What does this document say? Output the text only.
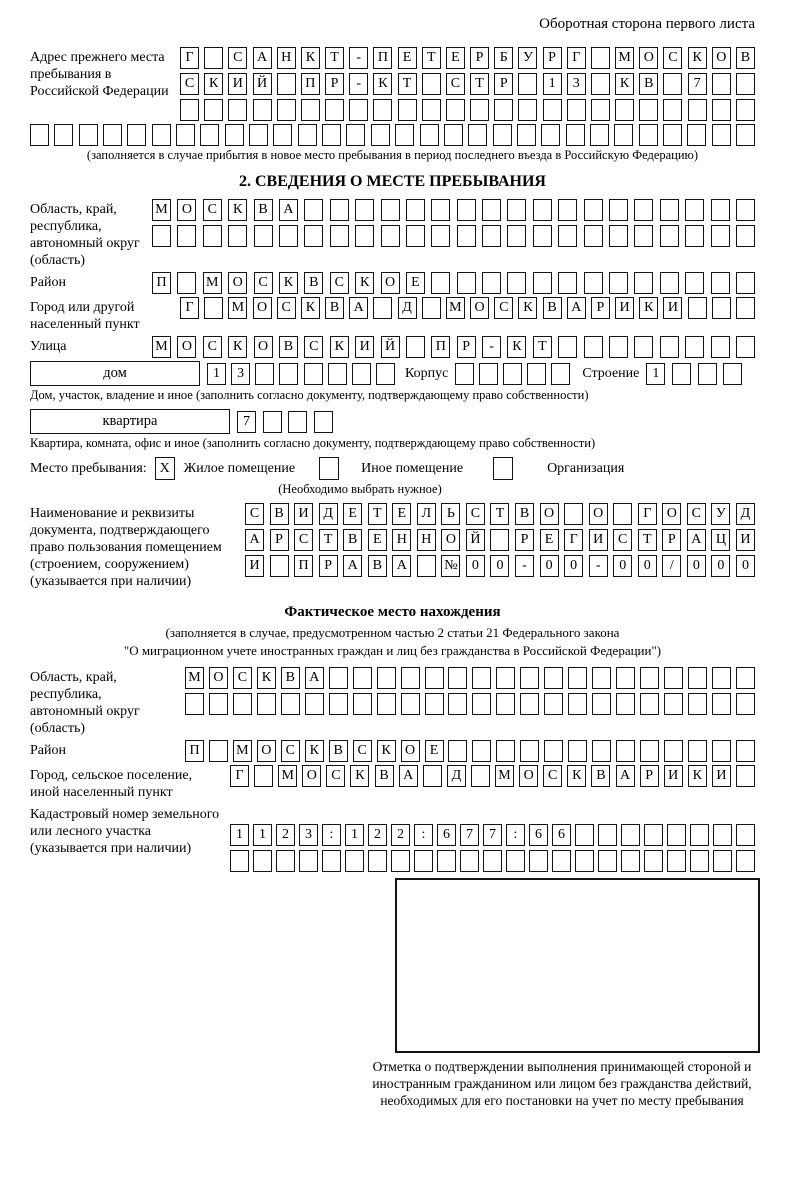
Оборотная сторона первого листа
Адрес прежнего места пребывания в Российской Федерации
Г	С	А	Н	К	Т	-	П	Е	Т	Е	Р	Б	У	Р	Г	М О	С	К	О	В
С	К	И	Й	П	Р	-	К	Т	С	Т	Р	1	3	К	В	7
(заполняется в случае прибытия в новое место пребывания в период последнего въезда в Российскую Федерацию)
2. СВЕДЕНИЯ О МЕСТЕ ПРЕБЫВАНИЯ
Область, край, республика, автономный округ (область)
М	О	С	К	В	А
Район	П	М	О	С	К	В	С	К	О	Е
Город или другой населенный пункт
Г	М О	С	К	В	А	Д	М О	С	К	В	А	Р	И	К	И
Улица	М	О	С	К	О	В	С	К	И	Й	П	Р	-	К	Т
дом	1	3	Корпус	Строение 1
Дом, участок, владение и иное (заполнить согласно документу, подтверждающему право собственности)
квартира	7
Квартира, комната, офис и иное (заполнить согласно документу, подтверждающему право собственности)
Место пребывания: X Жилое помещение	Иное помещение	Организация
(Необходимо выбрать нужное)
Наименование и реквизиты документа, подтверждающего право пользования помещением (строением, сооружением) (указывается при наличии)
С	В	И	Д	Е	Т	Е	Л	Ь	С	Т	В	О	О	Г	О	С	У	Д
А	Р	С	Т	В	Е	Н	Н	О	Й	Р	Е	Г	И	С	Т	Р	А	Ц	И
И	П	Р	А	В	А	№	0	0	-	0	0	-	0	0	/	0	0	0
Фактическое место нахождения
(заполняется в случае, предусмотренном частью 2 статьи 21 Федерального закона
"О миграционном учете иностранных граждан и лиц без гражданства в Российской Федерации")
Область, край, республика, автономный округ (область)
М О	С	К	В	А
Район	П	М О	С	К	В	С	К	О	Е
Город, сельское поселение, иной населенный пункт
Г	М О	С	К	В	А	Д	М О	С	К	В	А	Р	И	К	И
Кадастровый номер земельного или лесного участка (указывается при наличии)
1	1	2	3	:	1	2	2	:	6	7	7	:	6	6
Отметка о подтверждении выполнения принимающей стороной и иностранным гражданином или лицом без гражданства действий, необходимых для его постановки на учет по месту пребывания
